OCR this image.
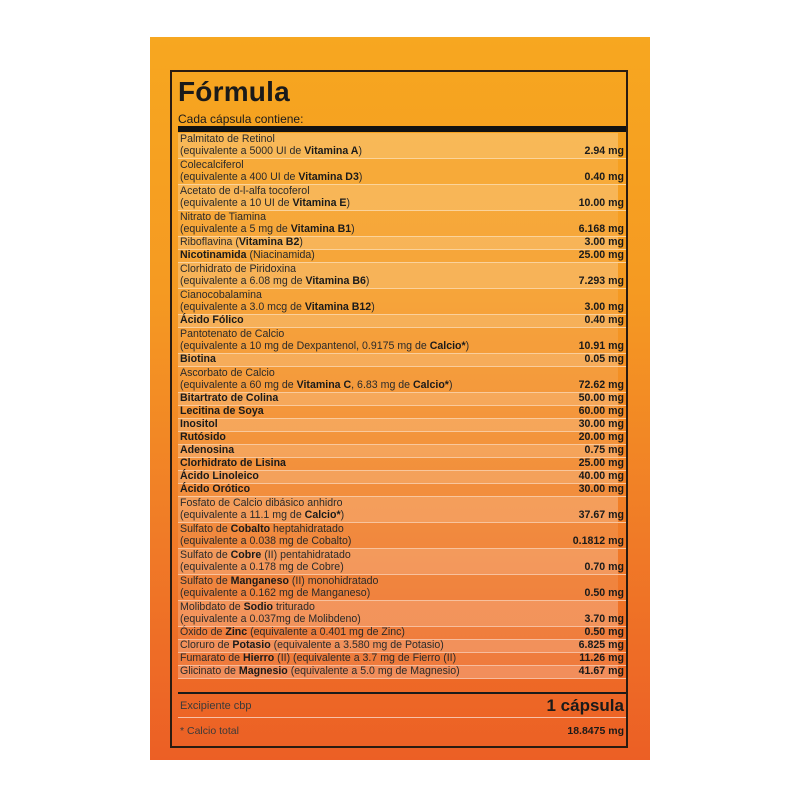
Fórmula
Cada cápsula contiene:
Palmitato de Retinol
(equivalente a 5000 UI de Vitamina A)	2.94 mg
Colecalciferol
(equivalente a 400 UI de Vitamina D3)	0.40 mg
Acetato de d-l-alfa tocoferol
(equivalente a 10 UI de Vitamina E)	10.00 mg
Nitrato de Tiamina
(equivalente a 5 mg de Vitamina B1)	6.168 mg
Riboflavina (Vitamina B2)	3.00 mg
Nicotinamida (Niacinamida)	25.00 mg
Clorhidrato de Piridoxina
(equivalente a 6.08 mg de Vitamina B6)	7.293 mg
Cianocobalamina
(equivalente a 3.0 mcg de Vitamina B12)	3.00 mg
Ácido Fólico	0.40 mg
Pantotenato de Calcio
(equivalente a 10 mg de Dexpantenol, 0.9175 mg de Calcio*)	10.91 mg
Biotina	0.05 mg
Ascorbato de Calcio
(equivalente a 60 mg de Vitamina C, 6.83 mg de Calcio*)	72.62 mg
Bitartrato de Colina	50.00 mg
Lecitina de Soya	60.00 mg
Inositol	30.00 mg
Rutósido	20.00 mg
Adenosina	0.75 mg
Clorhidrato de Lisina	25.00 mg
Ácido Linoleico	40.00 mg
Ácido Orótico	30.00 mg
Fosfato de Calcio dibásico anhidro
(equivalente a 11.1 mg de Calcio*)	37.67 mg
Sulfato de Cobalto heptahidratado
(equivalente a 0.038 mg de Cobalto)	0.1812 mg
Sulfato de Cobre (II) pentahidratado
(equivalente a 0.178 mg de Cobre)	0.70 mg
Sulfato de Manganeso (II) monohidratado
(equivalente a 0.162 mg de Manganeso)	0.50 mg
Molibdato de Sodio triturado
(equivalente a 0.037mg de Molibdeno)	3.70 mg
Óxido de Zinc (equivalente a 0.401 mg de Zinc)	0.50 mg
Cloruro de Potasio (equivalente a 3.580 mg de Potasio)	6.825 mg
Fumarato de Hierro (II) (equivalente a 3.7 mg de Fierro (II)	11.26 mg
Glicinato de Magnesio (equivalente a 5.0 mg de Magnesio)	41.67 mg
Excipiente cbp	1 cápsula
* Calcio total	18.8475 mg
